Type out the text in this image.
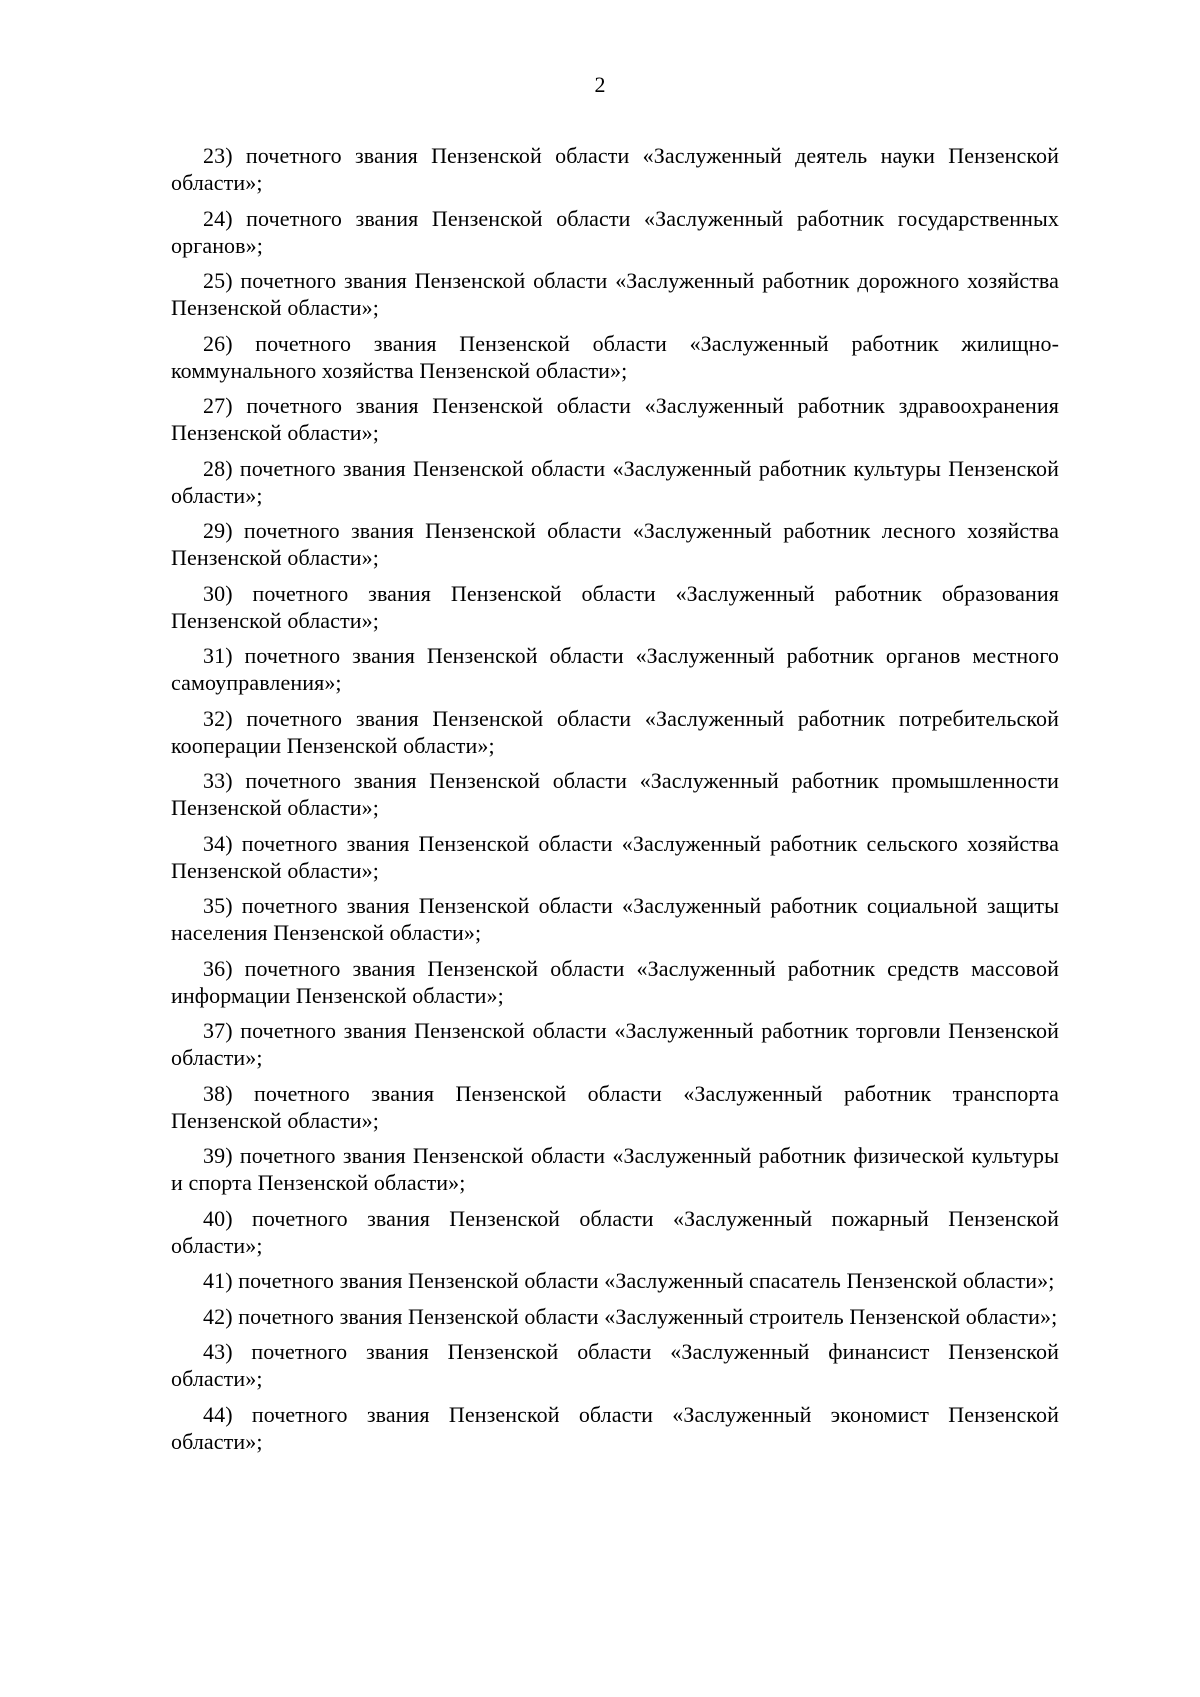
2

23) почетного звания Пензенской области «Заслуженный деятель науки Пензенской области»;

24) почетного звания Пензенской области «Заслуженный работник государственных органов»;

25) почетного звания Пензенской области «Заслуженный работник дорожного хозяйства Пензенской области»;

26) почетного звания Пензенской области «Заслуженный работник жилищно-коммунального хозяйства Пензенской области»;

27) почетного звания Пензенской области «Заслуженный работник здравоохранения Пензенской области»;

28) почетного звания Пензенской области «Заслуженный работник культуры Пензенской области»;

29) почетного звания Пензенской области «Заслуженный работник лесного хозяйства Пензенской области»;

30) почетного звания Пензенской области «Заслуженный работник образования Пензенской области»;

31) почетного звания Пензенской области «Заслуженный работник органов местного самоуправления»;

32) почетного звания Пензенской области «Заслуженный работник потребительской кооперации Пензенской области»;

33) почетного звания Пензенской области «Заслуженный работник промышленности Пензенской области»;

34) почетного звания Пензенской области «Заслуженный работник сельского хозяйства Пензенской области»;

35) почетного звания Пензенской области «Заслуженный работник социальной защиты населения Пензенской области»;

36) почетного звания Пензенской области «Заслуженный работник средств массовой информации Пензенской области»;

37) почетного звания Пензенской области «Заслуженный работник торговли Пензенской области»;

38) почетного звания Пензенской области «Заслуженный работник транспорта Пензенской области»;

39) почетного звания Пензенской области «Заслуженный работник физической культуры и спорта Пензенской области»;

40) почетного звания Пензенской области «Заслуженный пожарный Пензенской области»;

41) почетного звания Пензенской области «Заслуженный спасатель Пензенской области»;

42) почетного звания Пензенской области «Заслуженный строитель Пензенской области»;

43) почетного звания Пензенской области «Заслуженный финансист Пензенской области»;

44) почетного звания Пензенской области «Заслуженный экономист Пензенской области»;
